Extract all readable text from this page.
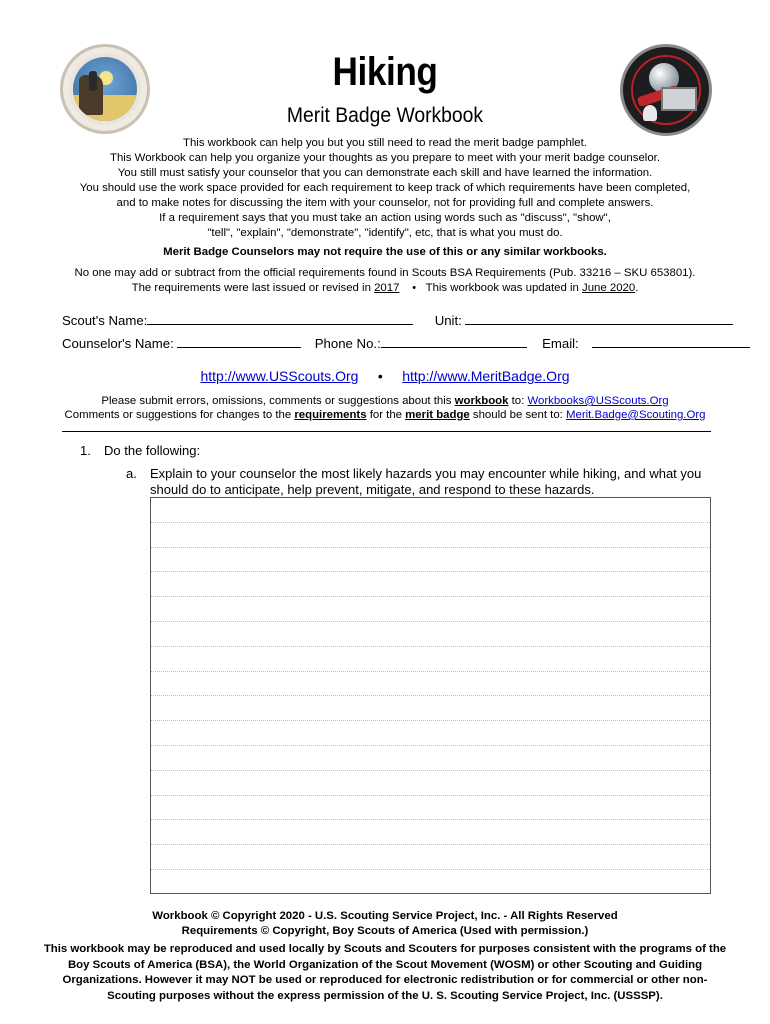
Hiking
Merit Badge Workbook
This workbook can help you but you still need to read the merit badge pamphlet.
This Workbook can help you organize your thoughts as you prepare to meet with your merit badge counselor.
You still must satisfy your counselor that you can demonstrate each skill and have learned the information.
You should use the work space provided for each requirement to keep track of which requirements have been completed,
and to make notes for discussing the item with your counselor, not for providing full and complete answers.
If a requirement says that you must take an action using words such as "discuss", "show",
"tell", "explain", "demonstrate", "identify", etc, that is what you must do.
Merit Badge Counselors may not require the use of this or any similar workbooks.
No one may add or subtract from the official requirements found in Scouts BSA Requirements (Pub. 33216 – SKU 653801).
The requirements were last issued or revised in 2017 • This workbook was updated in June 2020.
Scout's Name:	Unit:
Counselor's Name:	Phone No.:	Email:
http://www.USScouts.Org • http://www.MeritBadge.Org
Please submit errors, omissions, comments or suggestions about this workbook to: Workbooks@USScouts.Org
Comments or suggestions for changes to the requirements for the merit badge should be sent to: Merit.Badge@Scouting.Org
1. Do the following:
a. Explain to your counselor the most likely hazards you may encounter while hiking, and what you should do to anticipate, help prevent, mitigate, and respond to these hazards.
Workbook © Copyright 2020 - U.S. Scouting Service Project, Inc. - All Rights Reserved
Requirements © Copyright, Boy Scouts of America (Used with permission.)
This workbook may be reproduced and used locally by Scouts and Scouters for purposes consistent with the programs of the Boy Scouts of America (BSA), the World Organization of the Scout Movement (WOSM) or other Scouting and Guiding Organizations. However it may NOT be used or reproduced for electronic redistribution or for commercial or other non-Scouting purposes without the express permission of the U. S. Scouting Service Project, Inc. (USSSP).
